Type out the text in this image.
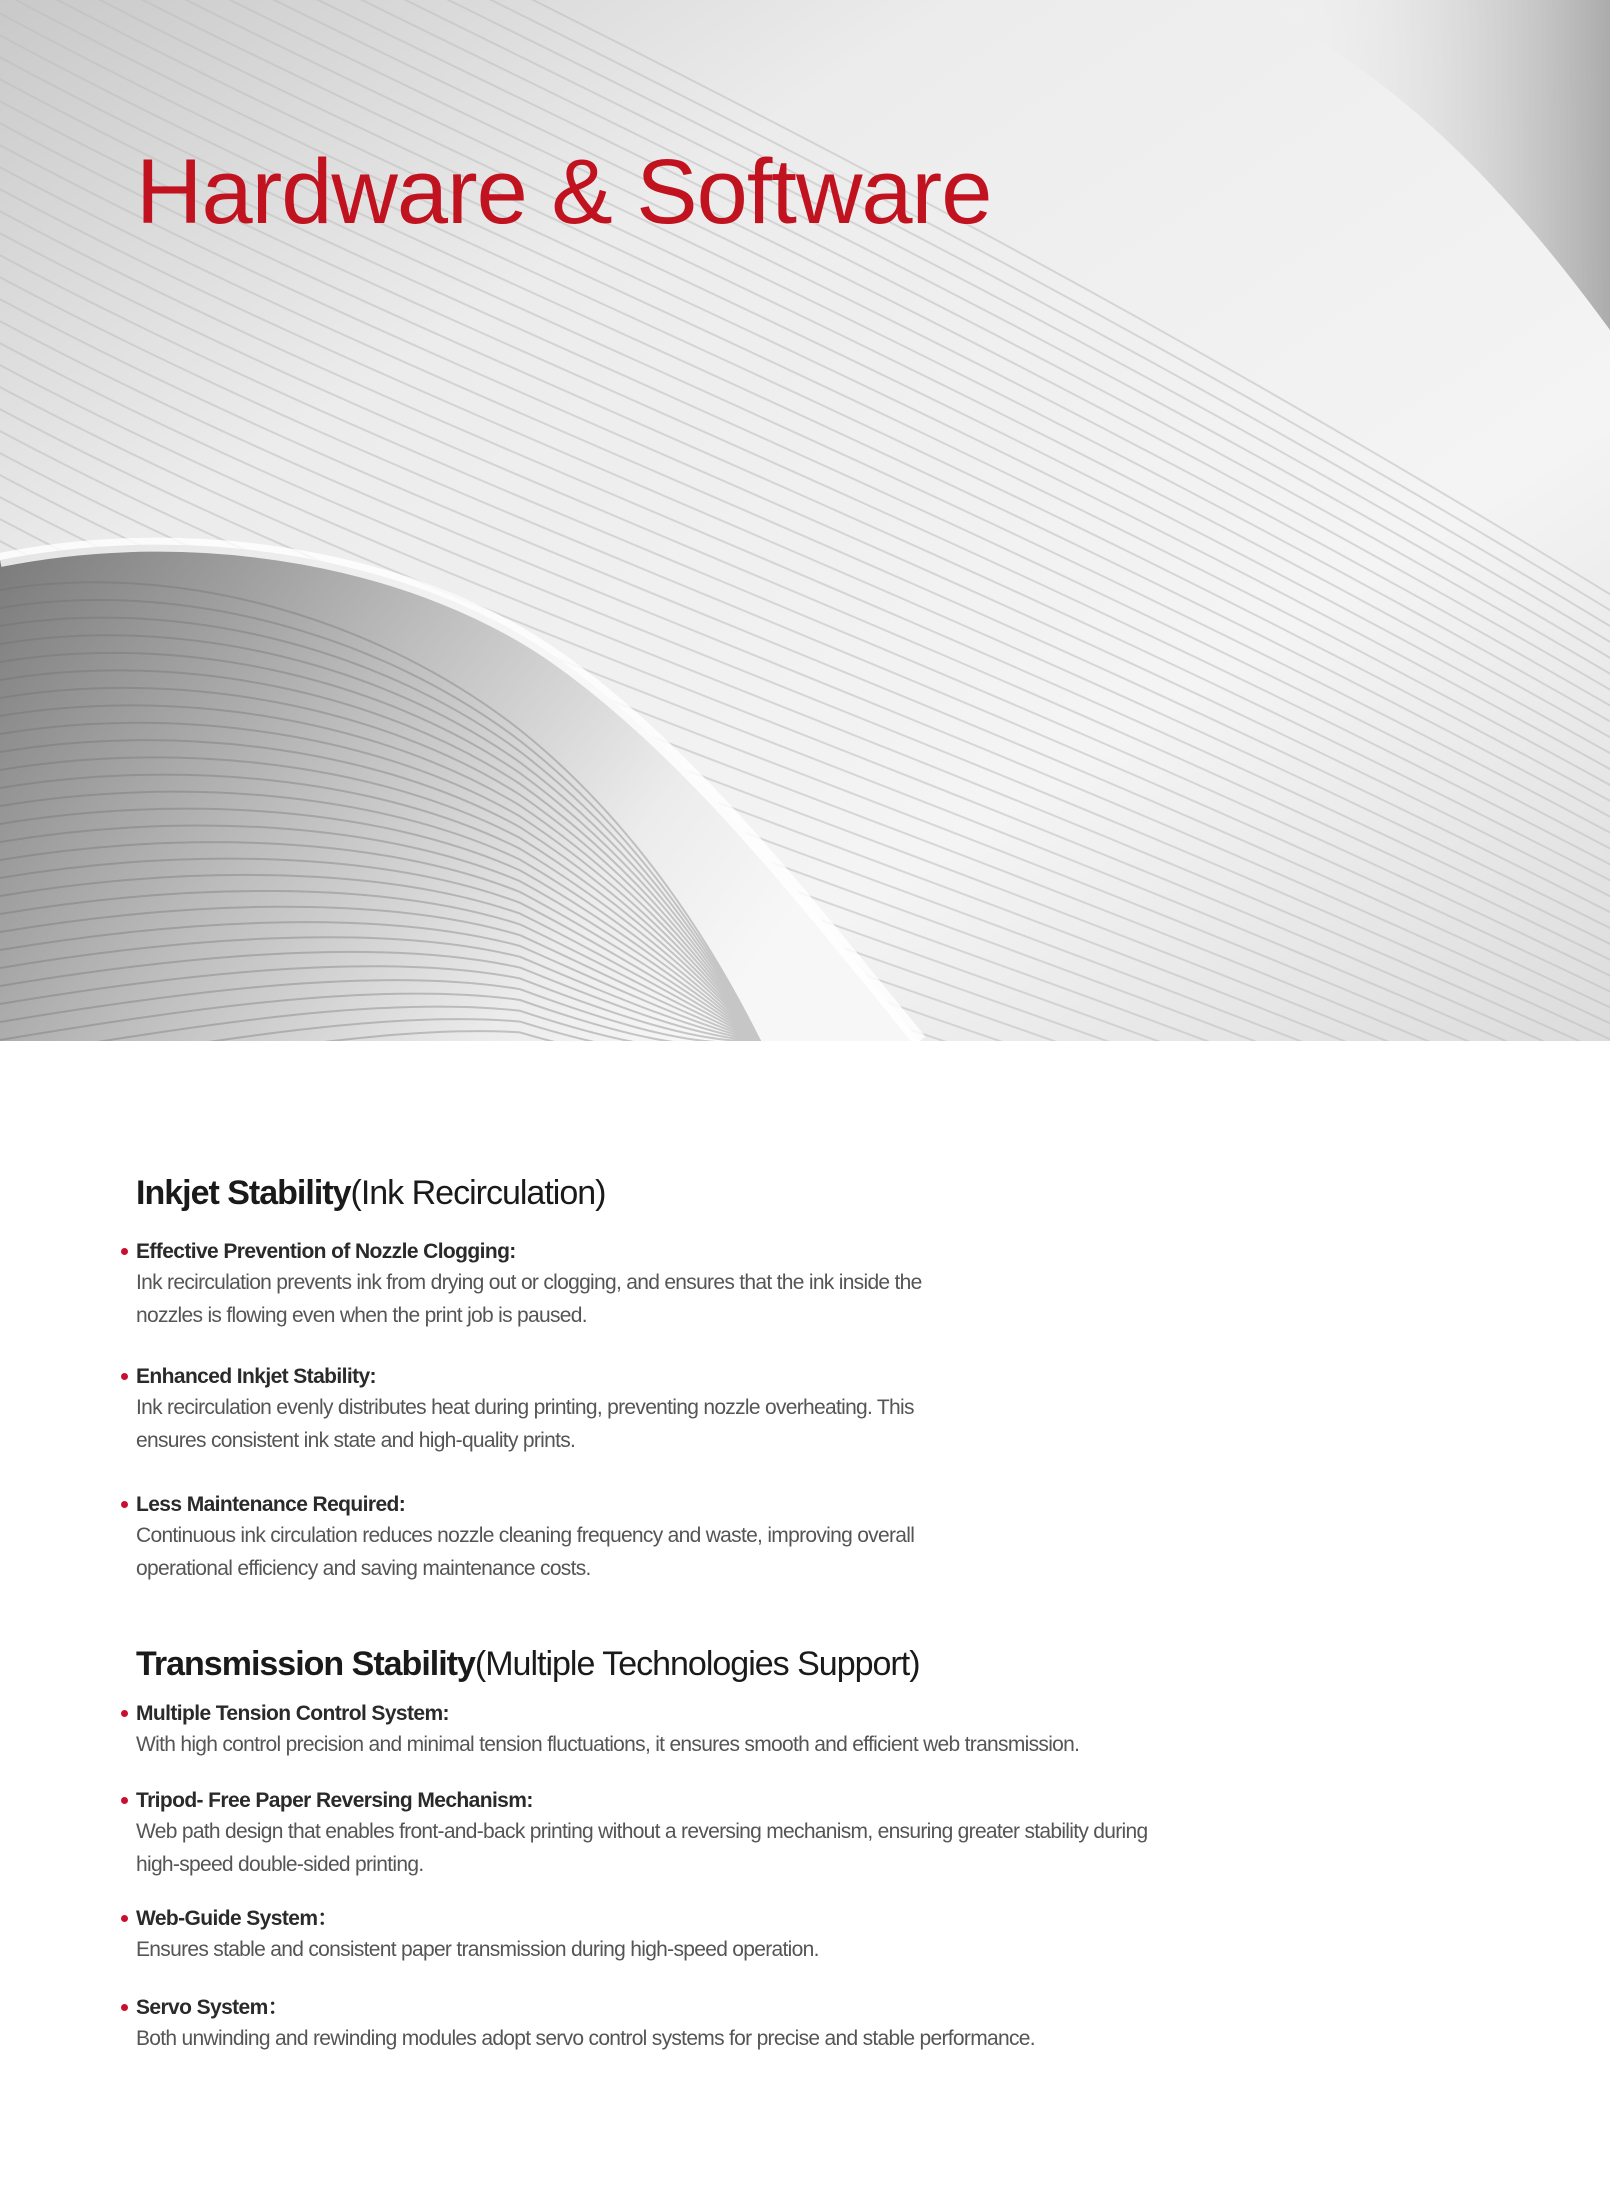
Hardware & Software
Inkjet Stability(Ink Recirculation)
Effective Prevention of Nozzle Clogging:
Ink recirculation prevents ink from drying out or clogging, and ensures that the ink inside the
nozzles is flowing even when the print job is paused.
Enhanced Inkjet Stability:
Ink recirculation evenly distributes heat during printing, preventing nozzle overheating. This
ensures consistent ink state and high-quality prints.
Less Maintenance Required:
Continuous ink circulation reduces nozzle cleaning frequency and waste, improving overall
operational efficiency and saving maintenance costs.
Transmission Stability(Multiple Technologies Support)
Multiple Tension Control System:
With high control precision and minimal tension fluctuations, it ensures smooth and efficient web transmission.
Tripod- Free Paper Reversing Mechanism:
Web path design that enables front-and-back printing without a reversing mechanism, ensuring greater stability during
high-speed double-sided printing.
Web-Guide System：
Ensures stable and consistent paper transmission during high-speed operation.
Servo System：
Both unwinding and rewinding modules adopt servo control systems for precise and stable performance.
